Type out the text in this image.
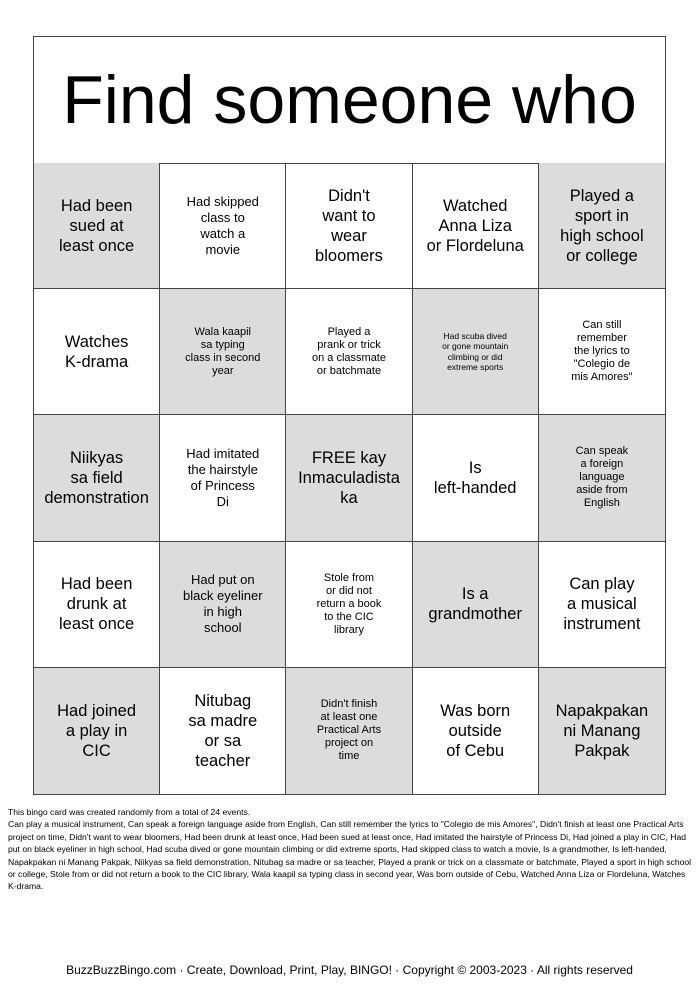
Find someone who
Had been
sued at
least once
Had skipped
class to
watch a
movie
Didn't
want to
wear
bloomers
Watched
Anna Liza
or Flordeluna
Played a
sport in
high school
or college
Watches
K-drama
Wala kaapil
sa typing
class in second
year
Played a
prank or trick
on a classmate
or batchmate
Had scuba dived
or gone mountain
climbing or did
extreme sports
Can still
remember
the lyrics to
"Colegio de
mis Amores"
Niikyas
sa field
demonstration
Had imitated
the hairstyle
of Princess
Di
FREE kay
Inmaculadista
ka
Is
left-handed
Can speak
a foreign
language
aside from
English
Had been
drunk at
least once
Had put on
black eyeliner
in high
school
Stole from
or did not
return a book
to the CIC
library
Is a
grandmother
Can play
a musical
instrument
Had joined
a play in
CIC
Nitubag
sa madre
or sa
teacher
Didn't finish
at least one
Practical Arts
project on
time
Was born
outside
of Cebu
Napakpakan
ni Manang
Pakpak
This bingo card was created randomly from a total of 24 events.
Can play a musical instrument, Can speak a foreign language aside from English, Can still remember the lyrics to "Colegio de mis Amores", Didn't finish at least one Practical Arts project on time, Didn't want to wear bloomers, Had been drunk at least once, Had been sued at least once, Had imitated the hairstyle of Princess Di, Had joined a play in CIC, Had put on black eyeliner in high school, Had scuba dived or gone mountain climbing or did extreme sports, Had skipped class to watch a movie, Is a grandmother, Is left-handed, Napakpakan ni Manang Pakpak, Niikyas sa field demonstration, Nitubag sa madre or sa teacher, Played a prank or trick on a classmate or batchmate, Played a sport in high school or college, Stole from or did not return a book to the CIC library, Wala kaapil sa typing class in second year, Was born outside of Cebu, Watched Anna Liza or Flordeluna, Watches K-drama.
BuzzBuzzBingo.com · Create, Download, Print, Play, BINGO! · Copyright © 2003-2023 · All rights reserved
